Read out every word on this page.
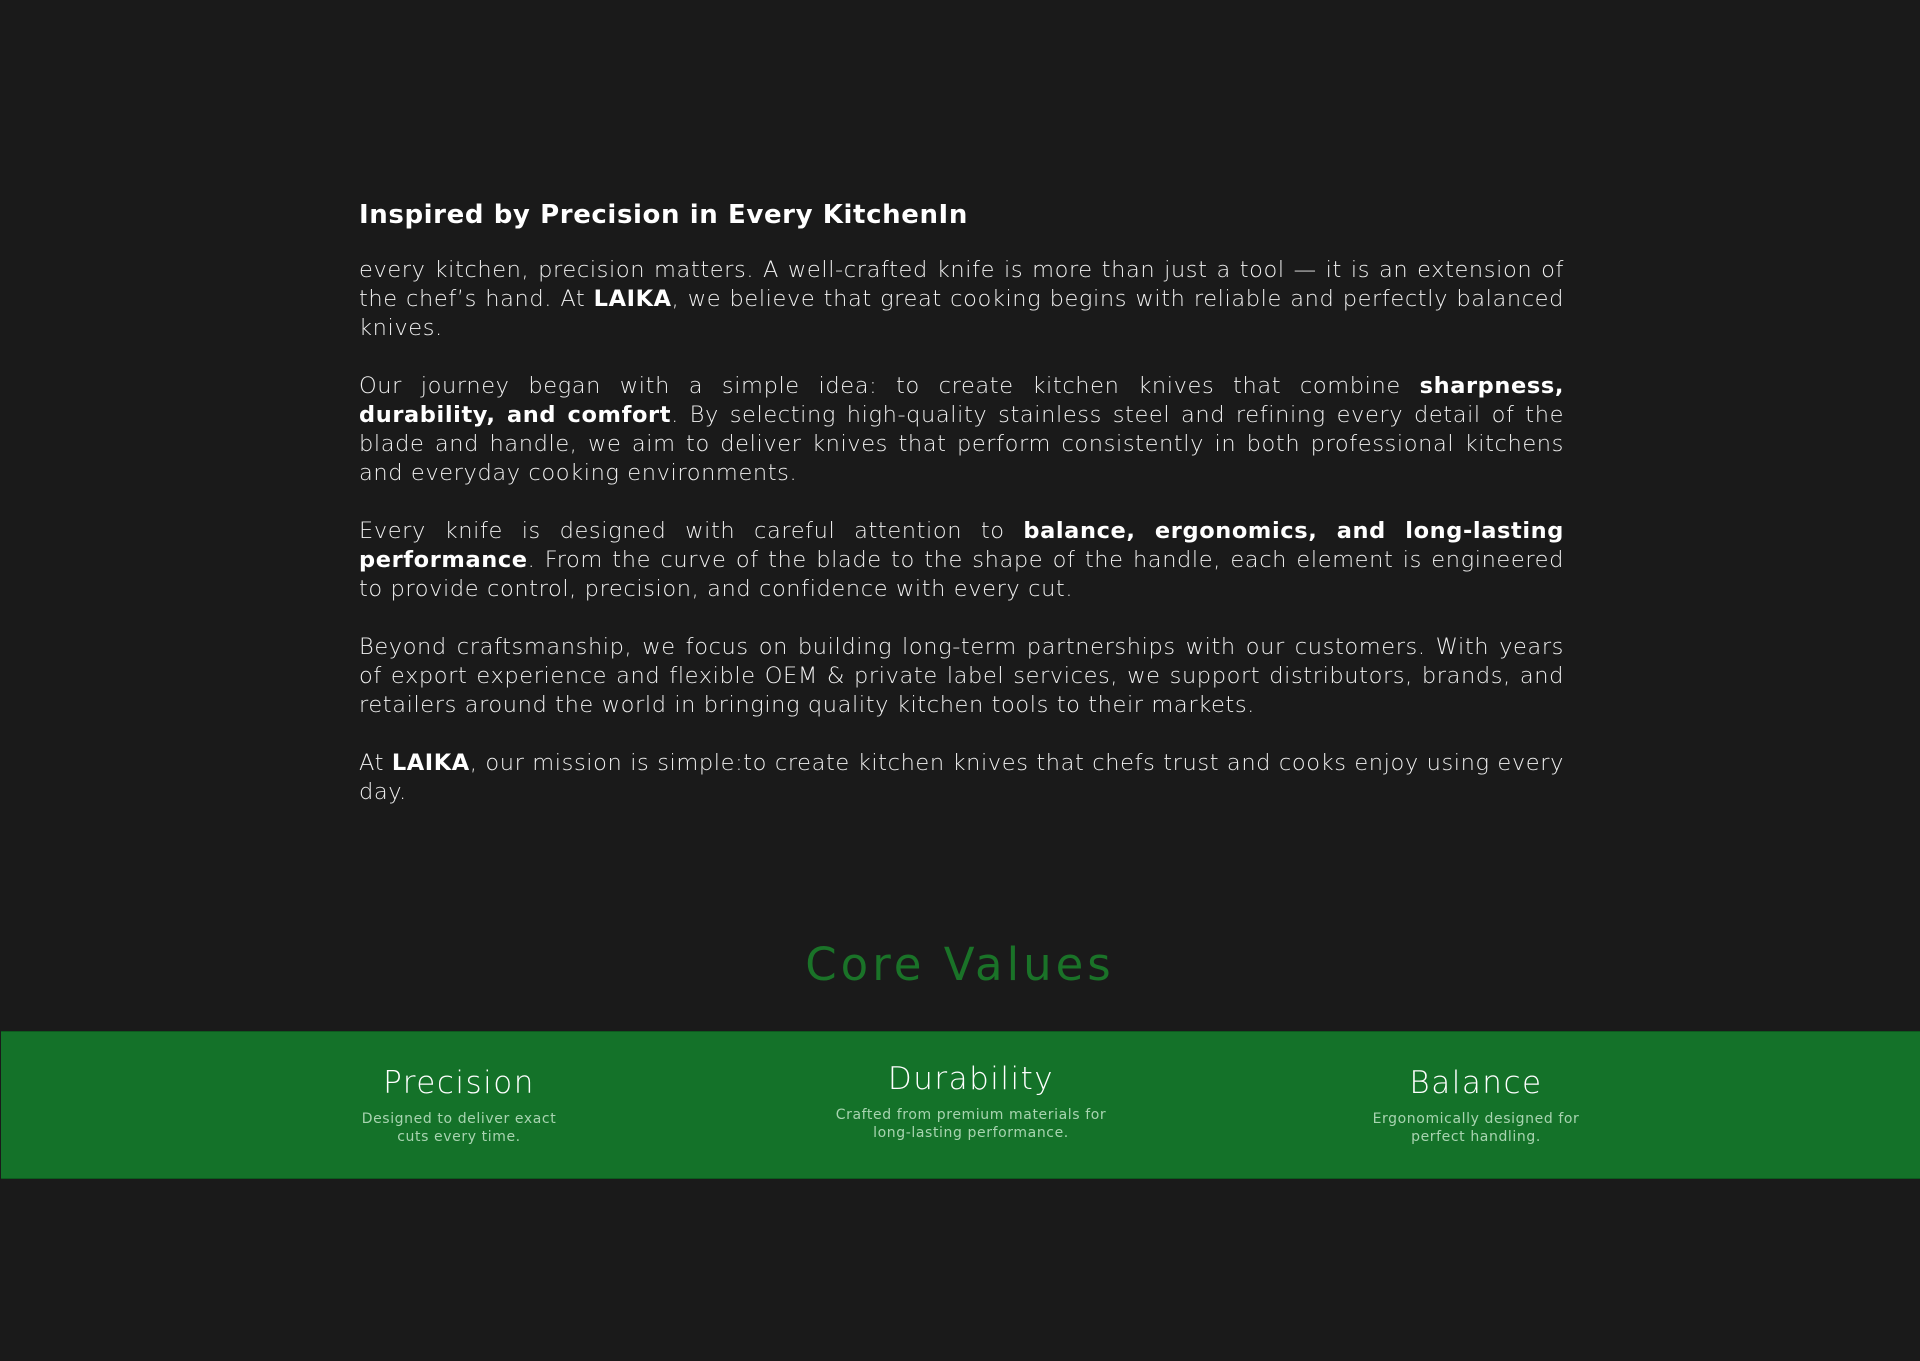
Inspired by Precision in Every KitchenIn

every kitchen, precision matters. A well-crafted knife is more than just a tool — it is an extension of the chef’s hand. At LAIKA, we believe that great cooking begins with reliable and perfectly balanced knives.

Our journey began with a simple idea: to create kitchen knives that combine sharpness, durability, and comfort. By selecting high-quality stainless steel and refining every detail of the blade and handle, we aim to deliver knives that perform consistently in both professional kitchens and everyday cooking environments.

Every knife is designed with careful attention to balance, ergonomics, and long-lasting performance. From the curve of the blade to the shape of the handle, each element is engineered to provide control, precision, and confidence with every cut.

Beyond craftsmanship, we focus on building long-term partnerships with our customers. With years of export experience and flexible OEM & private label services, we support distributors, brands, and retailers around the world in bringing quality kitchen tools to their markets.

At LAIKA, our mission is simple:to create kitchen knives that chefs trust and cooks enjoy using every day.

Core Values
Precision

Designed to deliver exact
cuts every time.

Durability

Crafted from premium materials for
long-lasting performance.

Balance

Ergonomically designed for
perfect handling.
